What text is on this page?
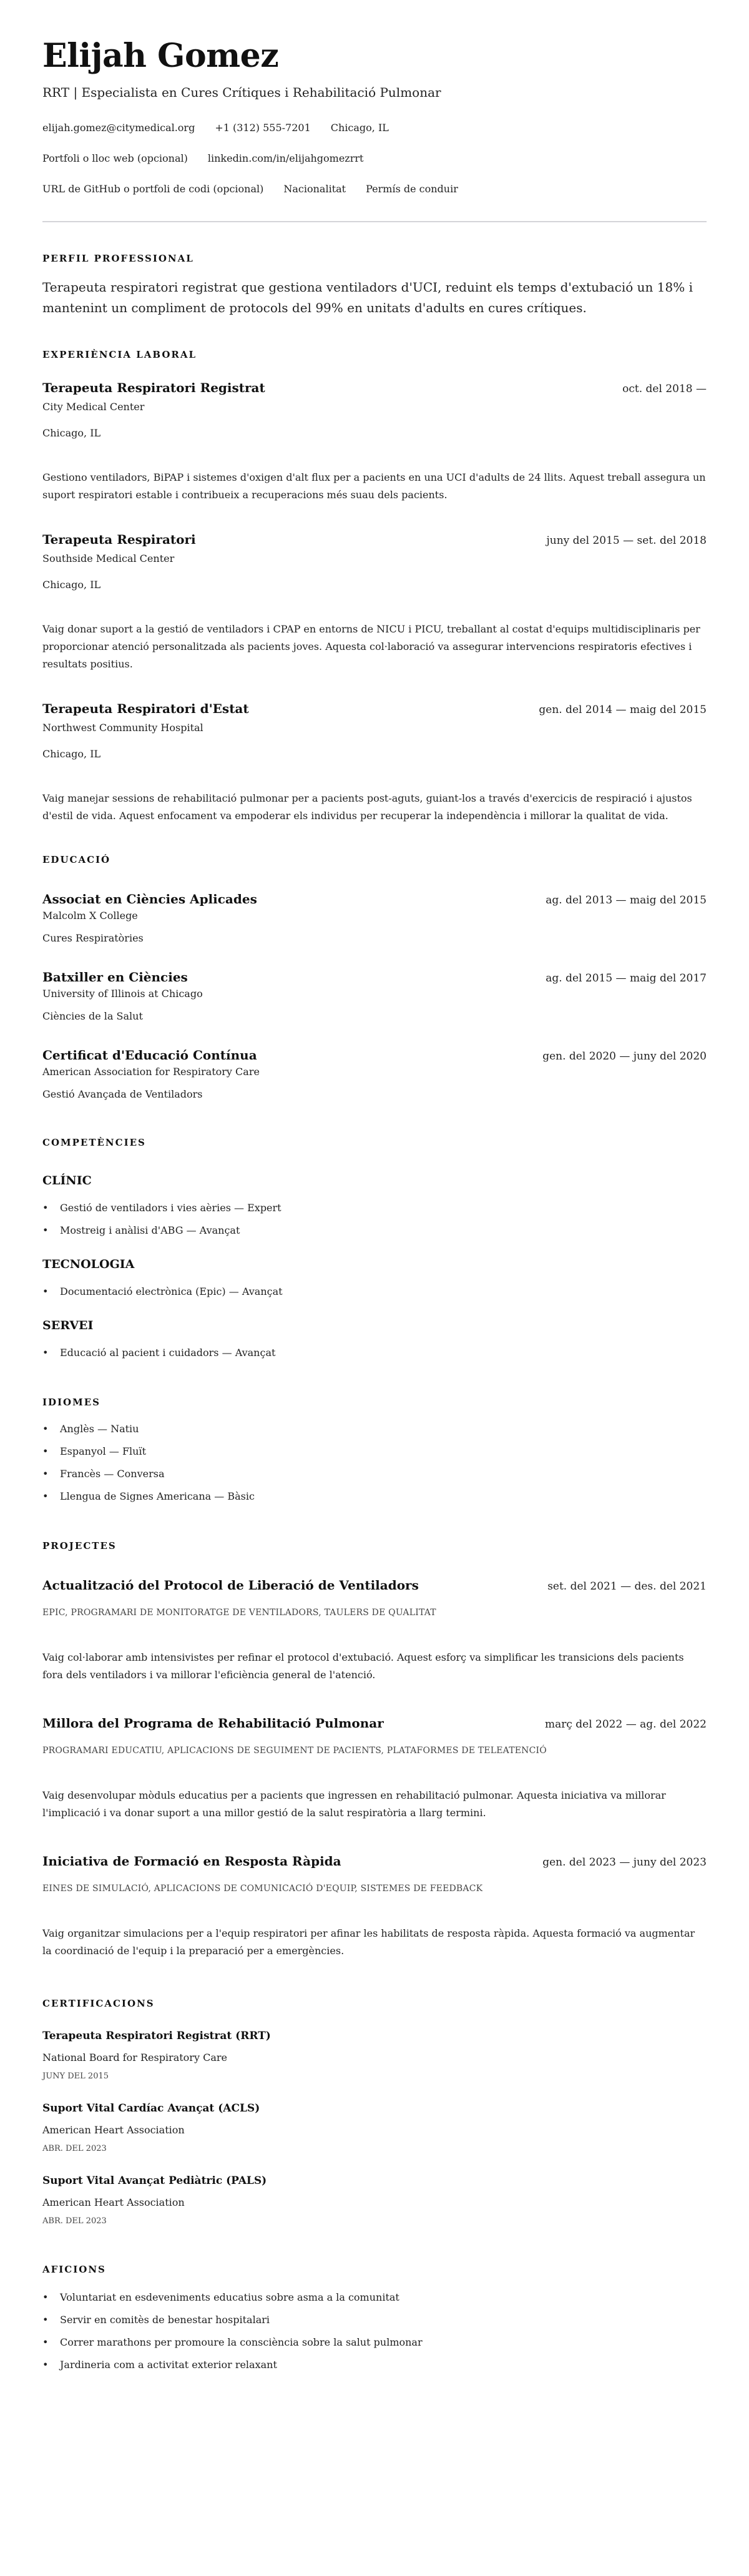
Elijah Gomez
RRT | Especialista en Cures Crítiques i Rehabilitació Pulmonar
elijah.gomez@citymedical.org +1 (312) 555-7201 Chicago, IL
Portfoli o lloc web (opcional) linkedin.com/in/elijahgomezrrt
URL de GitHub o portfoli de codi (opcional) Nacionalitat Permís de conduir
PERFIL PROFESSIONAL

Terapeuta respiratori registrat que gestiona ventiladors d'UCI, reduint els temps d'extubació un 18% i mantenint un compliment de protocols del 99% en unitats d'adults en cures crítiques.

EXPERIÈNCIA LABORAL
Terapeuta Respiratori Registrat	oct. del 2018 —
City Medical Center
Chicago, IL

Gestiono ventiladors, BiPAP i sistemes d'oxigen d'alt flux per a pacients en una UCI d'adults de 24 llits. Aquest treball assegura un suport respiratori estable i contribueix a recuperacions més suau dels pacients.

Terapeuta Respiratori	juny del 2015 — set. del 2018
Southside Medical Center
Chicago, IL

Vaig donar suport a la gestió de ventiladors i CPAP en entorns de NICU i PICU, treballant al costat d'equips multidisciplinaris per proporcionar atenció personalitzada als pacients joves. Aquesta col·laboració va assegurar intervencions respiratoris efectives i resultats positius.

Terapeuta Respiratori d'Estat	gen. del 2014 — maig del 2015
Northwest Community Hospital
Chicago, IL

Vaig manejar sessions de rehabilitació pulmonar per a pacients post-aguts, guiant-los a través d'exercicis de respiració i ajustos d'estil de vida. Aquest enfocament va empoderar els individus per recuperar la independència i millorar la qualitat de vida.

EDUCACIÓ
Associat en Ciències Aplicades	ag. del 2013 — maig del 2015
Malcolm X College
Cures Respiratòries
Batxiller en Ciències	ag. del 2015 — maig del 2017
University of Illinois at Chicago
Ciències de la Salut
Certificat d'Educació Contínua	gen. del 2020 — juny del 2020
American Association for Respiratory Care
Gestió Avançada de Ventiladors
COMPETÈNCIES
CLÍNIC
•
Gestió de ventiladors i vies aèries — Expert
•
Mostreig i anàlisi d'ABG — Avançat
TECNOLOGIA
•
Documentació electrònica (Epic) — Avançat
SERVEI
•
Educació al pacient i cuidadors — Avançat
IDIOMES
•
Anglès — Natiu
•
Espanyol — Fluït
•
Francès — Conversa
•
Llengua de Signes Americana — Bàsic
PROJECTES
Actualització del Protocol de Liberació de Ventiladors	set. del 2021 — des. del 2021
EPIC, PROGRAMARI DE MONITORATGE DE VENTILADORS, TAULERS DE QUALITAT

Vaig col·laborar amb intensivistes per refinar el protocol d'extubació. Aquest esforç va simplificar les transicions dels pacients fora dels ventiladors i va millorar l'eficiència general de l'atenció.

Millora del Programa de Rehabilitació Pulmonar	març del 2022 — ag. del 2022
PROGRAMARI EDUCATIU, APLICACIONS DE SEGUIMENT DE PACIENTS, PLATAFORMES DE TELEATENCIÓ

Vaig desenvolupar mòduls educatius per a pacients que ingressen en rehabilitació pulmonar. Aquesta iniciativa va millorar l'implicació i va donar suport a una millor gestió de la salut respiratòria a llarg termini.

Iniciativa de Formació en Resposta Ràpida	gen. del 2023 — juny del 2023
EINES DE SIMULACIÓ, APLICACIONS DE COMUNICACIÓ D'EQUIP, SISTEMES DE FEEDBACK

Vaig organitzar simulacions per a l'equip respiratori per afinar les habilitats de resposta ràpida. Aquesta formació va augmentar la coordinació de l'equip i la preparació per a emergències.

CERTIFICACIONS
Terapeuta Respiratori Registrat (RRT)
National Board for Respiratory Care
JUNY DEL 2015
Suport Vital Cardíac Avançat (ACLS)
American Heart Association
ABR. DEL 2023
Suport Vital Avançat Pediàtric (PALS)
American Heart Association
ABR. DEL 2023
AFICIONS
•
Voluntariat en esdeveniments educatius sobre asma a la comunitat
•
Servir en comitès de benestar hospitalari
•
Correr marathons per promoure la consciència sobre la salut pulmonar
•
Jardineria com a activitat exterior relaxant
